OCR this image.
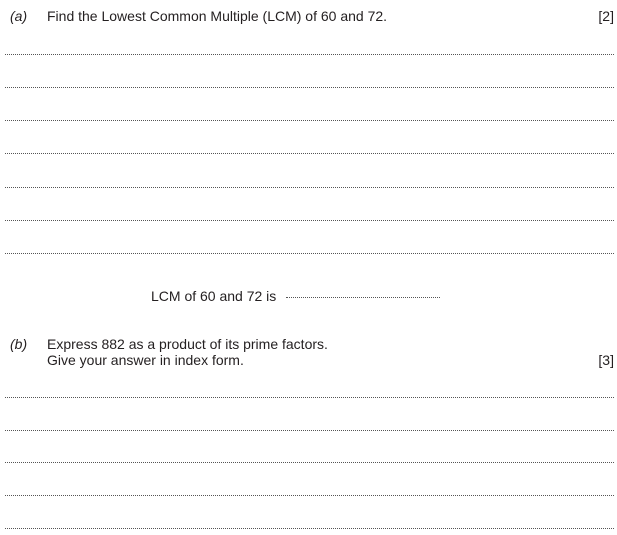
(a) Find the Lowest Common Multiple (LCM) of 60 and 72.	[2]
LCM of 60 and 72 is
(b) Express 882 as a product of its prime factors.
Give your answer in index form.	[3]
